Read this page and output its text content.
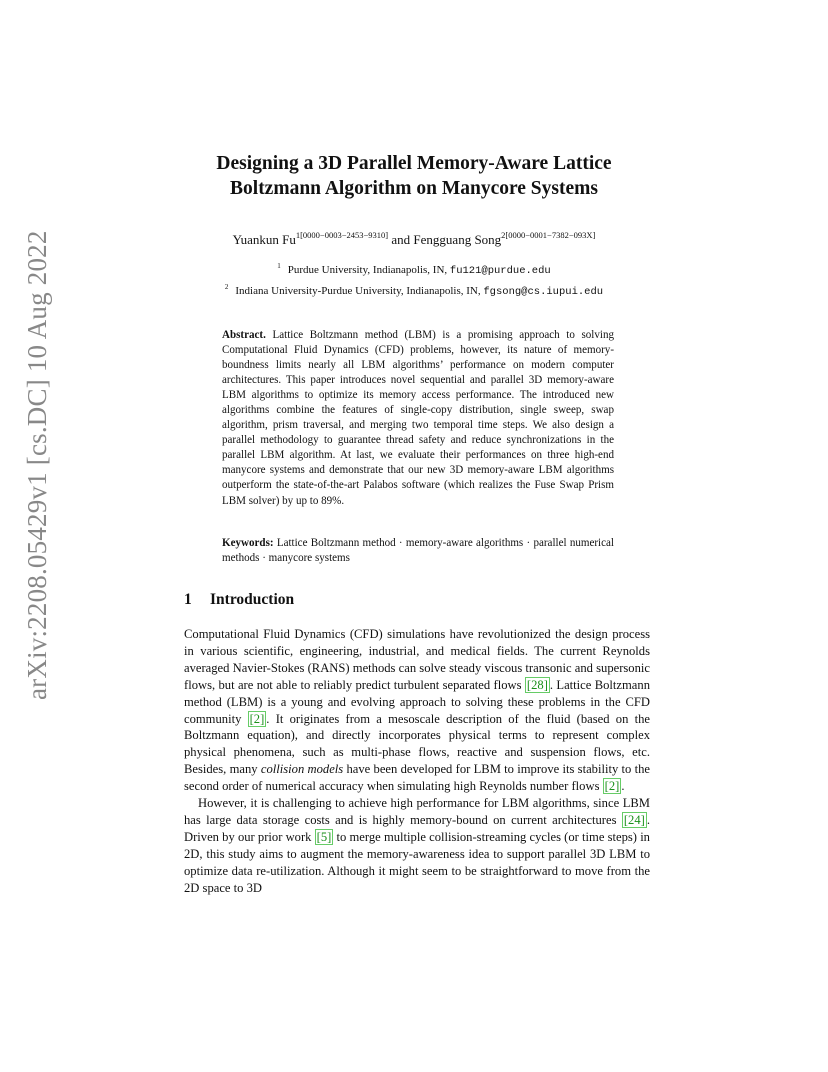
arXiv:2208.05429v1 [cs.DC] 10 Aug 2022
Designing a 3D Parallel Memory-Aware Lattice
Boltzmann Algorithm on Manycore Systems
Yuankun $Fu^{1[0000-0003-2453-9310]}$ and Fengguang Song$^{2[0000-0001-7382-093X]}$
$^1$ Purdue University, Indianapolis, IN, fu121@purdue.edu
$^2$ Indiana University-Purdue University, Indianapolis, IN, fgsong@cs.iupui.edu
Abstract. Lattice Boltzmann method (LBM) is a promising approach to solving Computational Fluid Dynamics (CFD) problems, however, its nature of memory-boundness limits nearly all LBM algorithms’ performance on modern computer architectures. This paper introduces novel sequential and parallel 3D memory-aware LBM algorithms to optimize its memory access performance. The introduced new algorithms combine the features of single-copy distribution, single sweep, swap algorithm, prism traversal, and merging two temporal time steps. We also design a parallel methodology to guarantee thread safety and reduce synchronizations in the parallel LBM algorithm. At last, we evaluate their performances on three high-end manycore systems and demonstrate that our new 3D memory-aware LBM algorithms outperform the state-of-the-art Palabos software (which realizes the Fuse Swap Prism LBM solver) by up to 89%.
Keywords: Lattice Boltzmann method · memory-aware algorithms · parallel numerical methods · manycore systems
1 Introduction

Computational Fluid Dynamics (CFD) simulations have revolutionized the design process in various scientific, engineering, industrial, and medical fields. The current Reynolds averaged Navier-Stokes (RANS) methods can solve steady viscous transonic and supersonic flows, but are not able to reliably predict turbulent separated flows [28] . Lattice Boltzmann method (LBM) is a young and evolving approach to solving these problems in the CFD community [2] . It originates from a mesoscale description of the fluid (based on the Boltzmann equation), and directly incorporates physical terms to represent complex physical phenomena, such as multi-phase flows, reactive and suspension flows, etc. Besides, many collision models have been developed for LBM to improve its stability to the second order of numerical accuracy when simulating high Reynolds number flows [2] .

However, it is challenging to achieve high performance for LBM algorithms, since LBM has large data storage costs and is highly memory-bound on current architectures [24] . Driven by our prior work [5] to merge multiple collision-streaming cycles (or time steps) in 2D, this study aims to augment the memory-awareness idea to support parallel 3D LBM to optimize data re-utilization. Although it might seem to be straightforward to move from the 2D space to 3D
